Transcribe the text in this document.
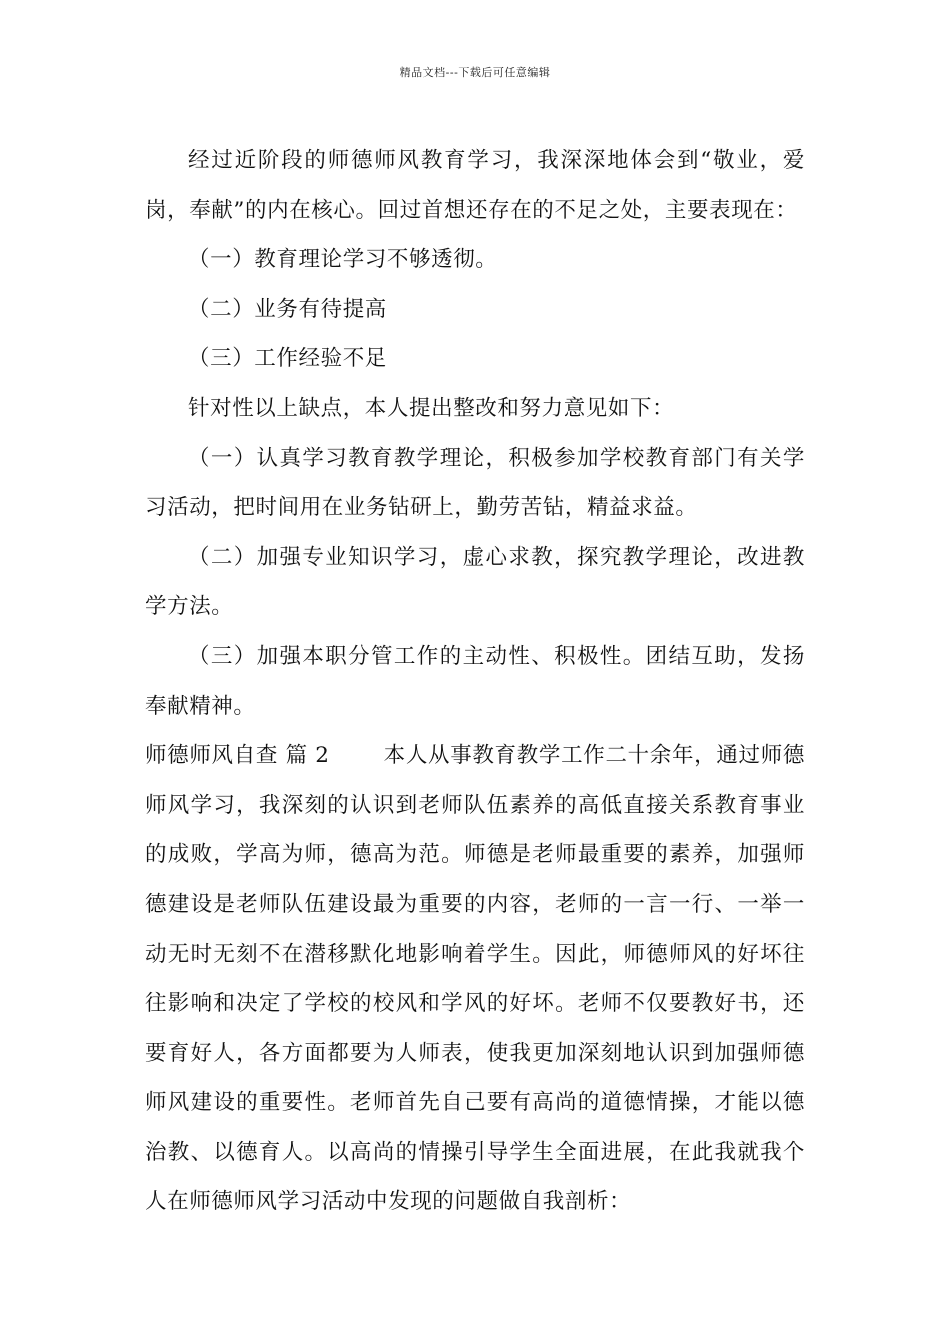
精品文档---下载后可任意编辑

经过近阶段的师德师风教育学习，我深深地体会到“敬业，爱岗，奉献”的内在核心。回过首想还存在的不足之处，主要表现在：

（一）教育理论学习不够透彻。

（二）业务有待提高

（三）工作经验不足

针对性以上缺点，本人提出整改和努力意见如下：

（一）认真学习教育教学理论，积极参加学校教育部门有关学习活动，把时间用在业务钻研上，勤劳苦钻，精益求益。

（二）加强专业知识学习，虚心求教，探究教学理论，改进教学方法。

（三）加强本职分管工作的主动性、积极性。团结互助，发扬奉献精神。

师德师风自查 篇 2	本人从事教育教学工作二十余年，通过师德师风学习，我深刻的认识到老师队伍素养的高低直接关系教育事业的成败，学高为师，德高为范。师德是老师最重要的素养，加强师德建设是老师队伍建设最为重要的内容，老师的一言一行、一举一动无时无刻不在潜移默化地影响着学生。因此，师德师风的好坏往往影响和决定了学校的校风和学风的好坏。老师不仅要教好书，还要育好人，各方面都要为人师表，使我更加深刻地认识到加强师德师风建设的重要性。老师首先自己要有高尚的道德情操，才能以德治教、以德育人。以高尚的情操引导学生全面进展，在此我就我个人在师德师风学习活动中发现的问题做自我剖析：
